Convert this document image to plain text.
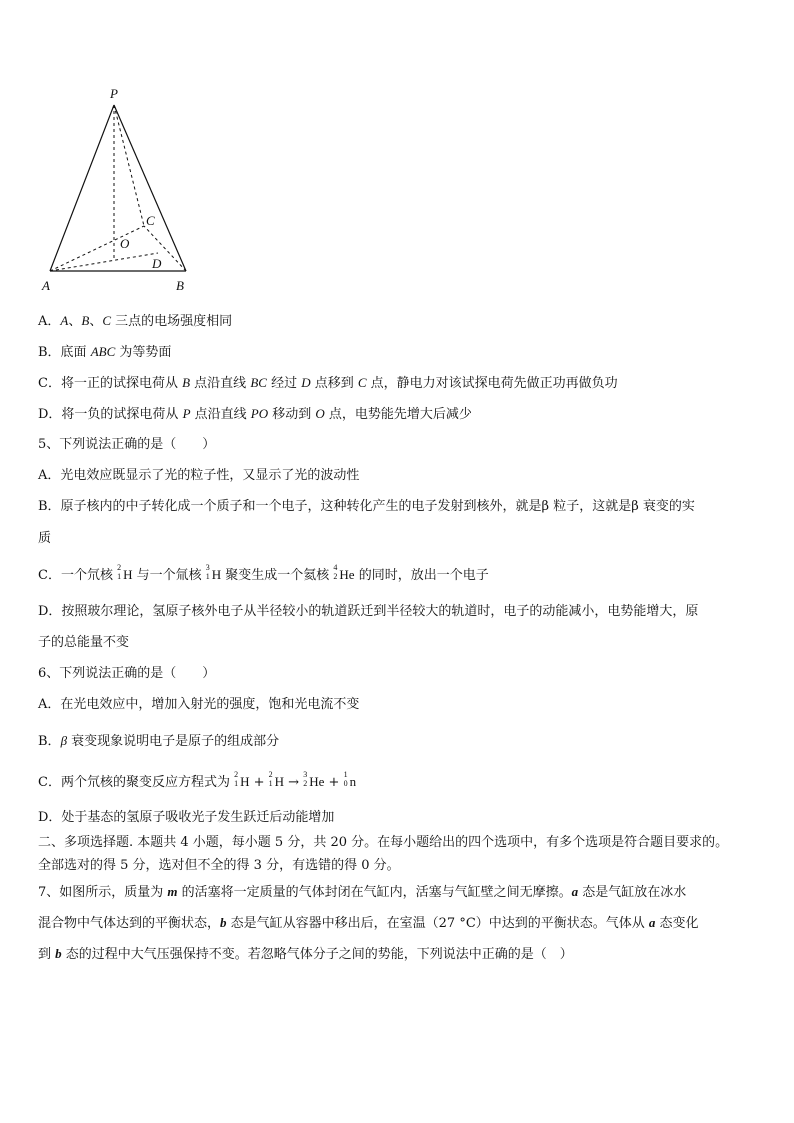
P
C
O
D
A	B
A．A、B、C 三点的电场强度相同
B．底面 ABC 为等势面
C．将一正的试探电荷从 B 点沿直线 BC 经过 D 点移到 C 点，静电力对该试探电荷先做正功再做负功
D．将一负的试探电荷从 P 点沿直线 PO 移动到 O 点，电势能先增大后减少
5、下列说法正确的是（　　）
A．光电效应既显示了光的粒子性，又显示了光的波动性
B．原子核内的中子转化成一个质子和一个电子，这种转化产生的电子发射到核外，就是β 粒子，这就是β 衰变的实
质
C．一个氘核
2
1 H 与一个氚核
3
1 H 聚变生成一个氦核
4
2 He 的同时，放出一个电子
D．按照玻尔理论，氢原子核外电子从半径较小的轨道跃迁到半径较大的轨道时，电子的动能减小，电势能增大，原
子的总能量不变
6、下列说法正确的是（　　）
A．在光电效应中，增加入射光的强度，饱和光电流不变
B．β 衰变现象说明电子是原子的组成部分
C．两个氘核的聚变反应方程式为
2
1 H +
2
1 H →
3
2 He +
1
0 n
D．处于基态的氢原子吸收光子发生跃迁后动能增加
二、多项选择题. 本题共 4 小题，每小题 5 分，共 20 分。在每小题给出的四个选项中，有多个选项是符合题目要求的。
全部选对的得 5 分，选对但不全的得 3 分，有选错的得 0 分。
7、如图所示，质量为 m 的活塞将一定质量的气体封闭在气缸内，活塞与气缸壁之间无摩擦。a 态是气缸放在冰水
混合物中气体达到的平衡状态，b 态是气缸从容器中移出后，在室温（27 °C）中达到的平衡状态。气体从 a 态变化
到 b 态的过程中大气压强保持不变。若忽略气体分子之间的势能，下列说法中正确的是（　）
